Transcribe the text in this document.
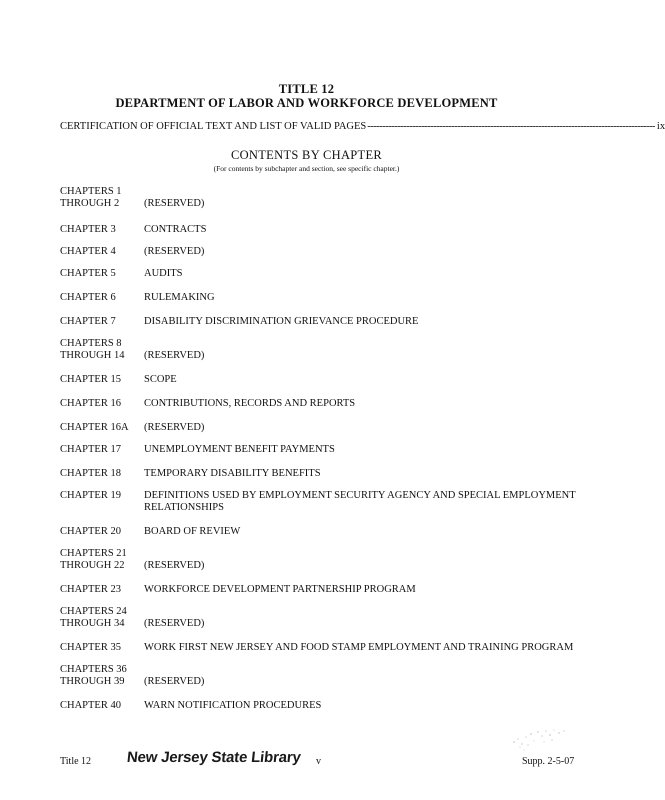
TITLE 12
DEPARTMENT OF LABOR AND WORKFORCE DEVELOPMENT
CERTIFICATION OF OFFICIAL TEXT AND LIST OF VALID PAGES ------------------------------------------------------------------------------------------------ ix
CONTENTS BY CHAPTER
(For contents by subchapter and section, see specific chapter.)
CHAPTERS 1
THROUGH 2	(RESERVED)
CHAPTER 3	CONTRACTS
CHAPTER 4	(RESERVED)
CHAPTER 5	AUDITS
CHAPTER 6	RULEMAKING
CHAPTER 7	DISABILITY DISCRIMINATION GRIEVANCE PROCEDURE
CHAPTERS 8
THROUGH 14	(RESERVED)
CHAPTER 15	SCOPE
CHAPTER 16	CONTRIBUTIONS, RECORDS AND REPORTS
CHAPTER 16A	(RESERVED)
CHAPTER 17	UNEMPLOYMENT BENEFIT PAYMENTS
CHAPTER 18	TEMPORARY DISABILITY BENEFITS
CHAPTER 19	DEFINITIONS USED BY EMPLOYMENT SECURITY AGENCY AND SPECIAL EMPLOYMENT
RELATIONSHIPS
CHAPTER 20	BOARD OF REVIEW
CHAPTERS 21
THROUGH 22	(RESERVED)
CHAPTER 23	WORKFORCE DEVELOPMENT PARTNERSHIP PROGRAM
CHAPTERS 24
THROUGH 34	(RESERVED)
CHAPTER 35	WORK FIRST NEW JERSEY AND FOOD STAMP EMPLOYMENT AND TRAINING PROGRAM
CHAPTERS 36
THROUGH 39	(RESERVED)
CHAPTER 40	WARN NOTIFICATION PROCEDURES
Title 12 New Jersey State Library v	Supp. 2-5-07
